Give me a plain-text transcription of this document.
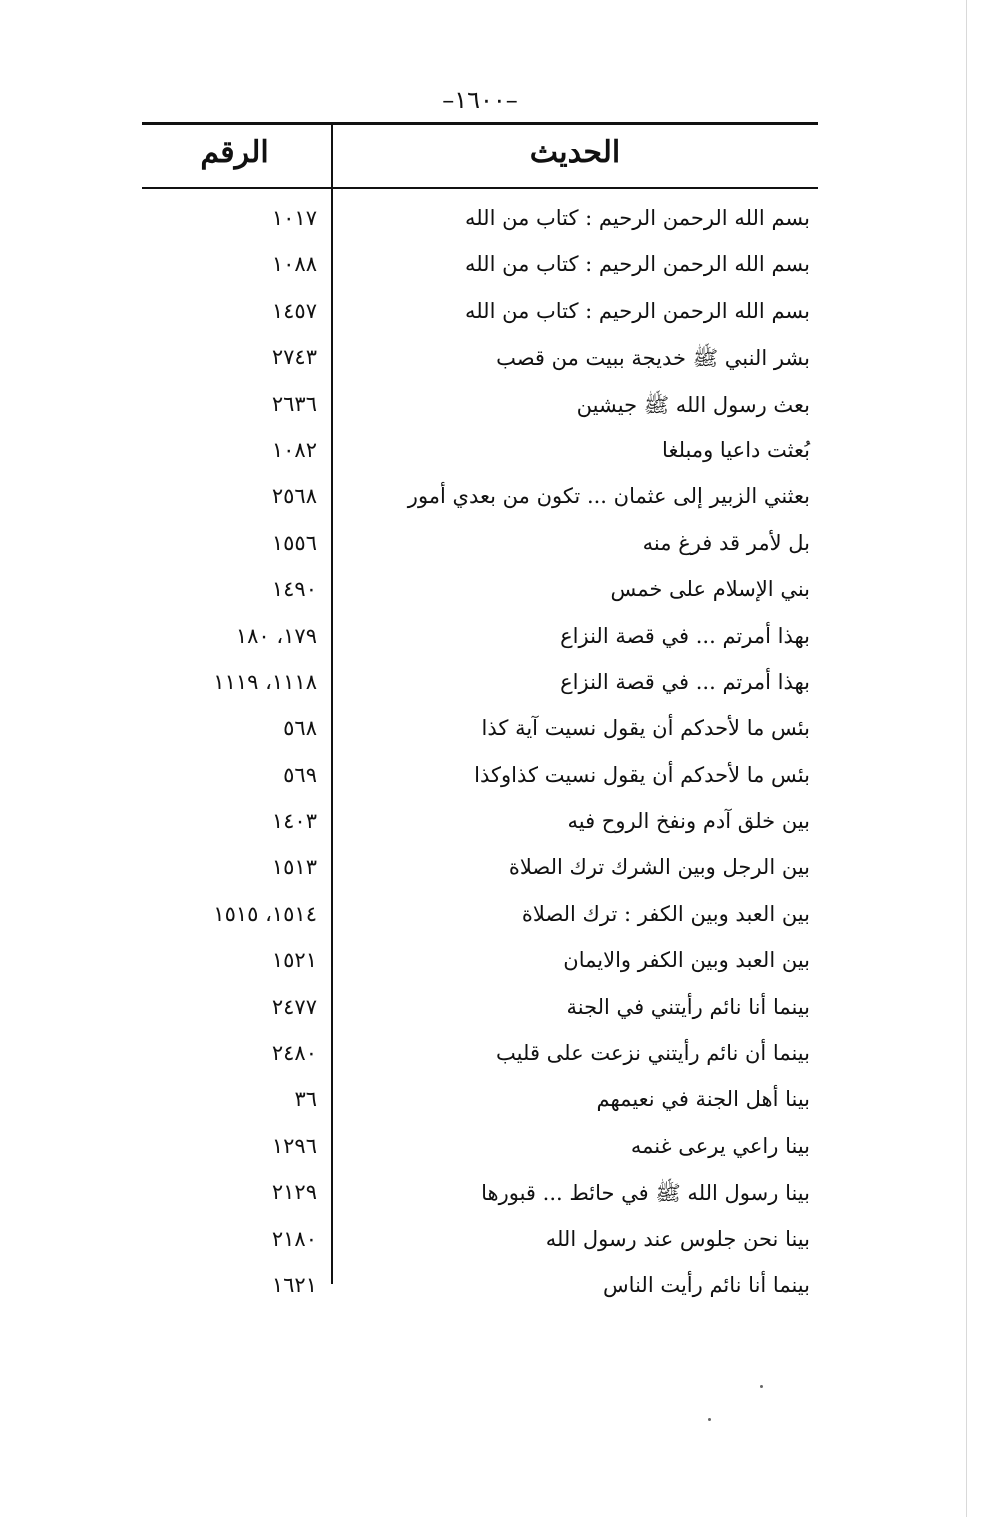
–١٦٠٠–
الحديث
الرقم
بسم الله الرحمن الرحيم : كتاب من الله
١٠١٧
بسم الله الرحمن الرحيم : كتاب من الله
١٠٨٨
بسم الله الرحمن الرحيم : كتاب من الله
١٤٥٧
بشر النبي ﷺ خديجة ببيت من قصب
٢٧٤٣
بعث رسول الله ﷺ جيشين
٢٦٣٦
بُعثت داعيا ومبلغا
١٠٨٢
بعثني الزبير إلى عثمان ... تكون من بعدي أمور
٢٥٦٨
بل لأمر قد فرغ منه
١٥٥٦
بني الإسلام على خمس
١٤٩٠
بهذا أمرتم ... في قصة النزاع
١٧٩، ١٨٠
بهذا أمرتم ... في قصة النزاع
١١١٨، ١١١٩
بئس ما لأحدكم أن يقول نسيت آية كذا
٥٦٨
بئس ما لأحدكم أن يقول نسيت كذاوكذا
٥٦٩
بين خلق آدم ونفخ الروح فيه
١٤٠٣
بين الرجل وبين الشرك ترك الصلاة
١٥١٣
بين العبد وبين الكفر : ترك الصلاة
١٥١٤، ١٥١٥
بين العبد وبين الكفر والايمان
١٥٢١
بينما أنا نائم رأيتني في الجنة
٢٤٧٧
بينما أن نائم رأيتني نزعت على قليب
٢٤٨٠
بينا أهل الجنة في نعيمهم
٣٦
بينا راعي يرعى غنمه
١٢٩٦
بينا رسول الله ﷺ في حائط ... قبورها
٢١٢٩
بينا نحن جلوس عند رسول الله
٢١٨٠
بينما أنا نائم رأيت الناس
١٦٢١
